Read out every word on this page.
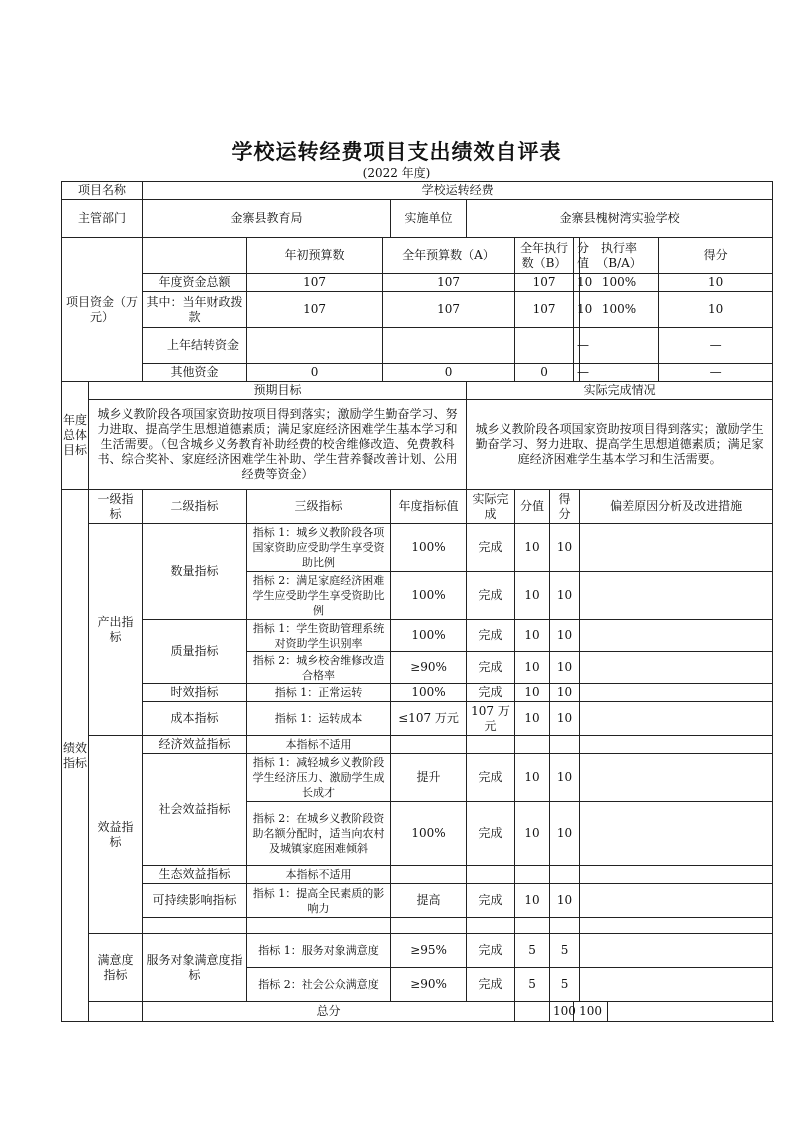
学校运转经费项目支出绩效自评表
(2022 年度)
项目名称		学校运转经费										
主管部门		金寨县教育局			实施单位	金寨县槐树湾实验学校						
项目资金（万元）			年初预算数	全年预算数（A）			全年执行数（B）		分值	执行率（B/A）		得分
		年度资金总额	107	107			107		10	100%		10
		其中：当年财政拨款	107	107			107		10	100%		10
		上年结转资金							—			—
		其他资金	0	0			0		—			—
年度总体目标	预期目标					实际完成情况						
	城乡义教阶段各项国家资助按项目得到落实；激励学生勤奋学习、努力进取、提高学生思想道德素质；满足家庭经济困难学生基本学习和生活需要。（包含城乡义务教育补助经费的校舍维修改造、免费教科书、综合奖补、家庭经济困难学生补助、学生营养餐改善计划、公用经费等资金）					城乡义教阶段各项国家资助按项目得到落实；激励学生勤奋学习、努力进取、提高学生思想道德素质；满足家庭经济困难学生基本学习和生活需要。						
绩效指标	一级指标	二级指标	三级指标		年度指标值	实际完成	分值	得分		偏差原因分析及改进措施		
	产出指标	数量指标	指标 1：城乡义教阶段各项国家资助应受助学生享受资助比例		100%	完成	10	10				
			指标 2：满足家庭经济困难学生应受助学生享受资助比例		100%	完成	10	10				
		质量指标	指标 1：学生资助管理系统对资助学生识别率		100%	完成	10	10				
			指标 2：城乡校舍维修改造合格率		≥90%	完成	10	10				
		时效指标	指标 1：正常运转		100%	完成	10	10				
		成本指标	指标 1：运转成本		≤107 万元	107 万元	10	10				
	效益指标	经济效益指标	本指标不适用									
		社会效益指标	指标 1：减轻城乡义教阶段学生经济压力、激励学生成长成才		提升	完成	10	10				
			指标 2：在城乡义教阶段资助名额分配时，适当向农村及城镇家庭困难倾斜		100%	完成	10	10				
		生态效益指标	本指标不适用									
		可持续影响指标	指标 1：提高全民素质的影响力		提高	完成	10	10				

	满意度指标	服务对象满意度指标	指标 1：服务对象满意度		≥95%	完成	5	5				
			指标 2：社会公众满意度		≥90%	完成	5	5				
		总分						100	100			
